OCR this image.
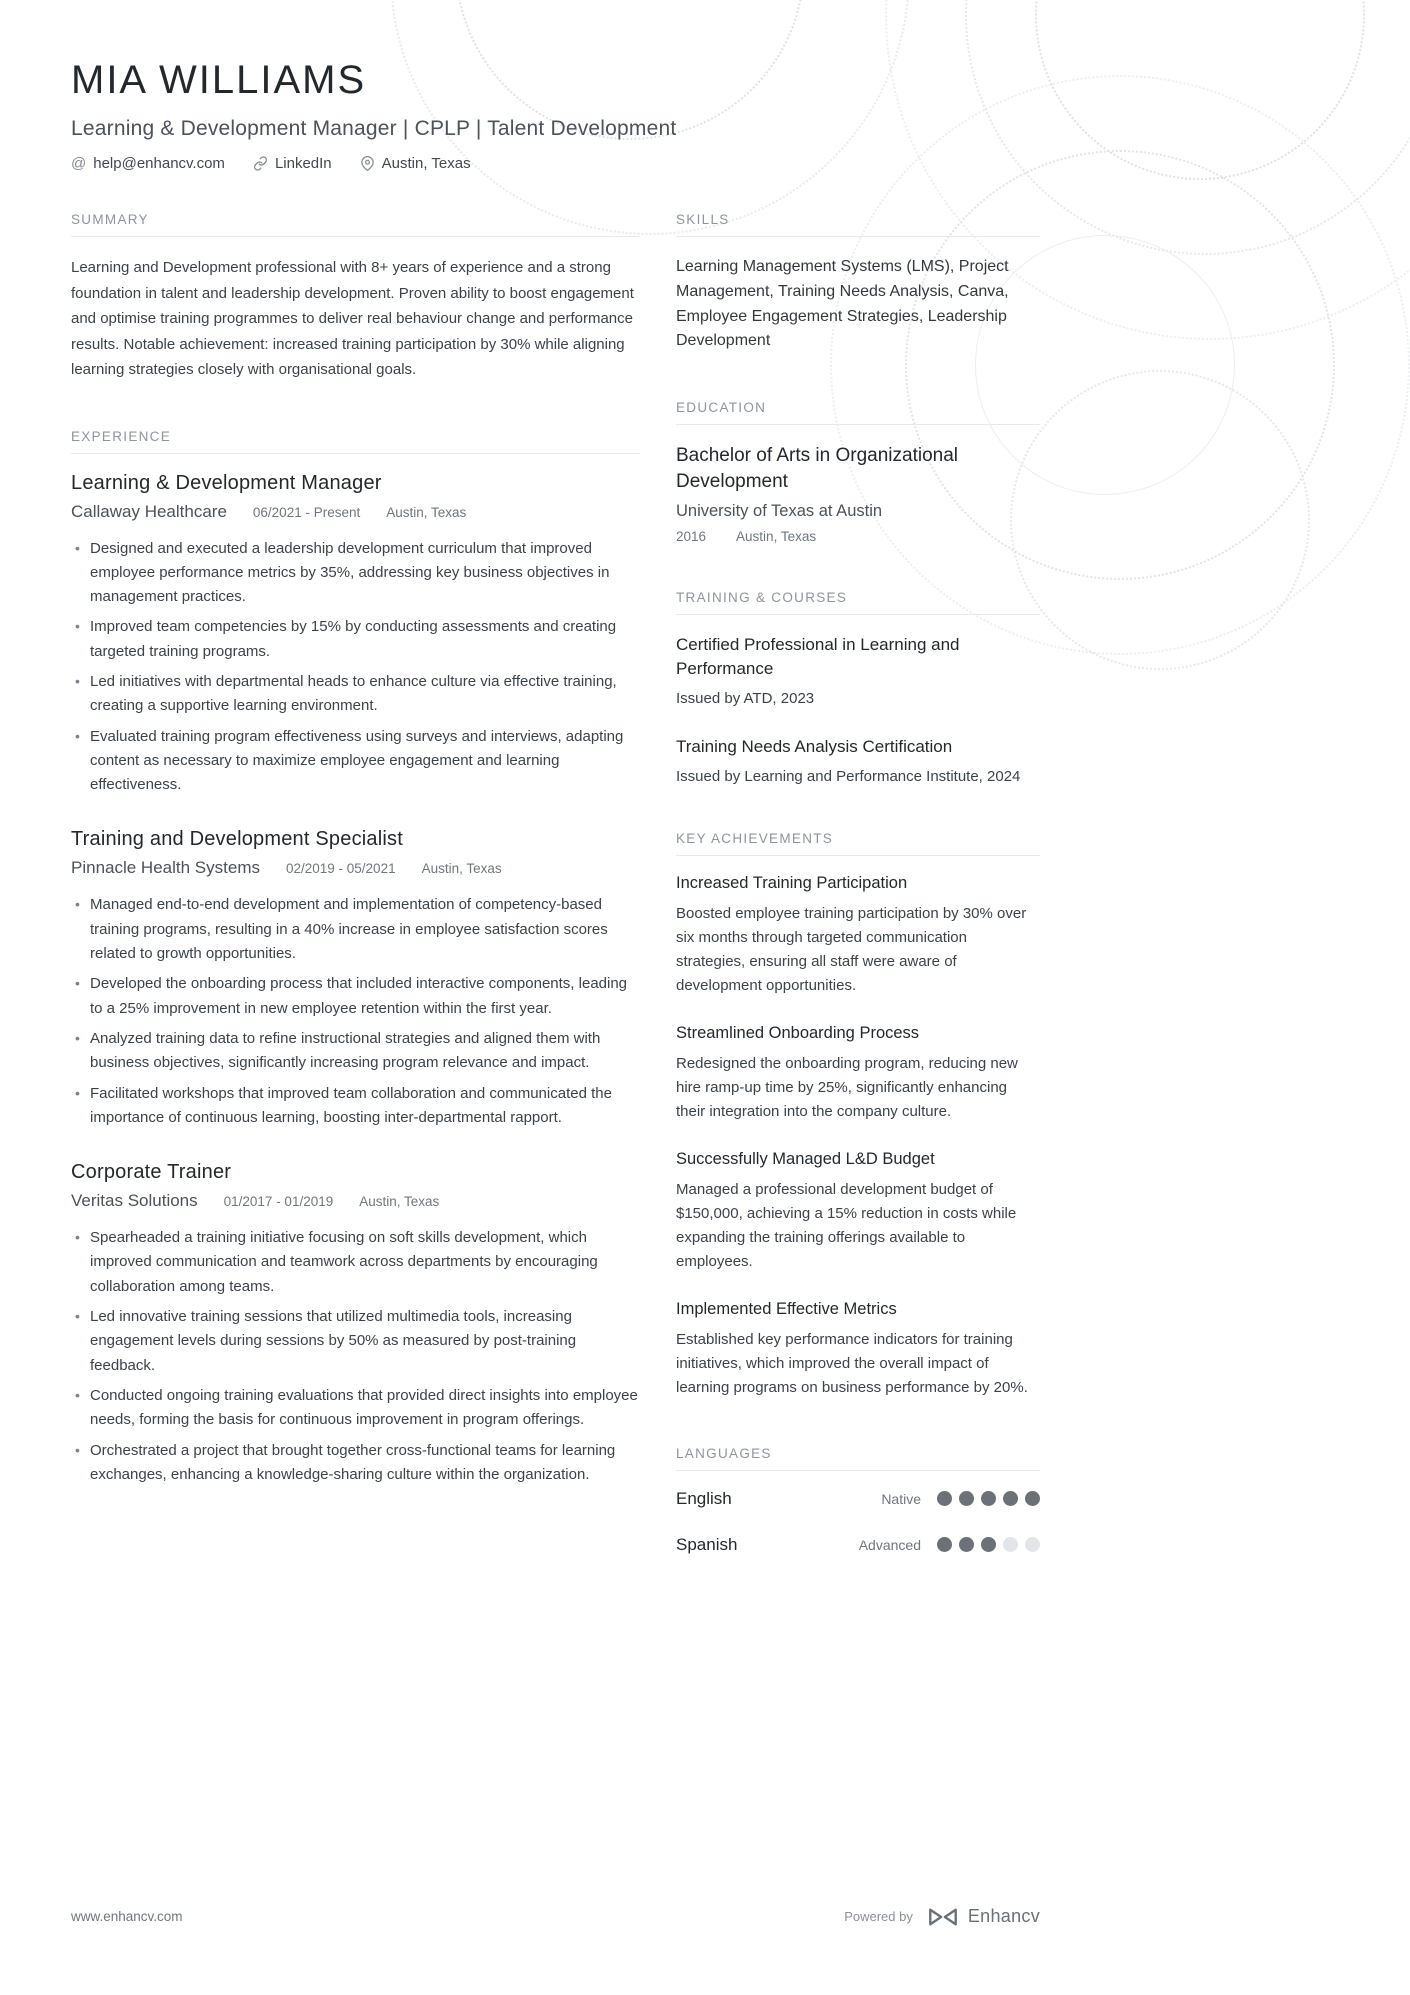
MIA WILLIAMS
Learning & Development Manager | CPLP | Talent Development
@ help@enhancv.com	LinkedIn	Austin, Texas
SUMMARY

Learning and Development professional with 8+ years of experience and a strong foundation in talent and leadership development. Proven ability to boost engagement and optimise training programmes to deliver real behaviour change and performance results. Notable achievement: increased training participation by 30% while aligning learning strategies closely with organisational goals.

EXPERIENCE
Learning & Development Manager
Callaway Healthcare 06/2021 - Present Austin, Texas
• Designed and executed a leadership development curriculum that improved employee performance metrics by 35%, addressing key business objectives in management practices.
• Improved team competencies by 15% by conducting assessments and creating targeted training programs.
• Led initiatives with departmental heads to enhance culture via effective training, creating a supportive learning environment.
• Evaluated training program effectiveness using surveys and interviews, adapting content as necessary to maximize employee engagement and learning effectiveness.
Training and Development Specialist
Pinnacle Health Systems 02/2019 - 05/2021 Austin, Texas
• Managed end-to-end development and implementation of competency-based training programs, resulting in a 40% increase in employee satisfaction scores related to growth opportunities.
• Developed the onboarding process that included interactive components, leading to a 25% improvement in new employee retention within the first year.
• Analyzed training data to refine instructional strategies and aligned them with business objectives, significantly increasing program relevance and impact.
• Facilitated workshops that improved team collaboration and communicated the importance of continuous learning, boosting inter-departmental rapport.
Corporate Trainer
Veritas Solutions 01/2017 - 01/2019 Austin, Texas
• Spearheaded a training initiative focusing on soft skills development, which improved communication and teamwork across departments by encouraging collaboration among teams.
• Led innovative training sessions that utilized multimedia tools, increasing engagement levels during sessions by 50% as measured by post-training feedback.
• Conducted ongoing training evaluations that provided direct insights into employee needs, forming the basis for continuous improvement in program offerings.
• Orchestrated a project that brought together cross-functional teams for learning exchanges, enhancing a knowledge-sharing culture within the organization.
SKILLS

Learning Management Systems (LMS), Project Management, Training Needs Analysis, Canva, Employee Engagement Strategies, Leadership Development

EDUCATION
Bachelor of Arts in Organizational Development
University of Texas at Austin
2016 Austin, Texas
TRAINING & COURSES
Certified Professional in Learning and Performance
Issued by ATD, 2023
Training Needs Analysis Certification
Issued by Learning and Performance Institute, 2024
KEY ACHIEVEMENTS
Increased Training Participation
Boosted employee training participation by 30% over six months through targeted communication strategies, ensuring all staff were aware of development opportunities.
Streamlined Onboarding Process
Redesigned the onboarding program, reducing new hire ramp-up time by 25%, significantly enhancing their integration into the company culture.
Successfully Managed L&D Budget
Managed a professional development budget of $150,000, achieving a 15% reduction in costs while expanding the training offerings available to employees.
Implemented Effective Metrics
Established key performance indicators for training initiatives, which improved the overall impact of learning programs on business performance by 20%.
LANGUAGES
English	Native
Spanish	Advanced
www.enhancv.com	Powered by	Enhancv
